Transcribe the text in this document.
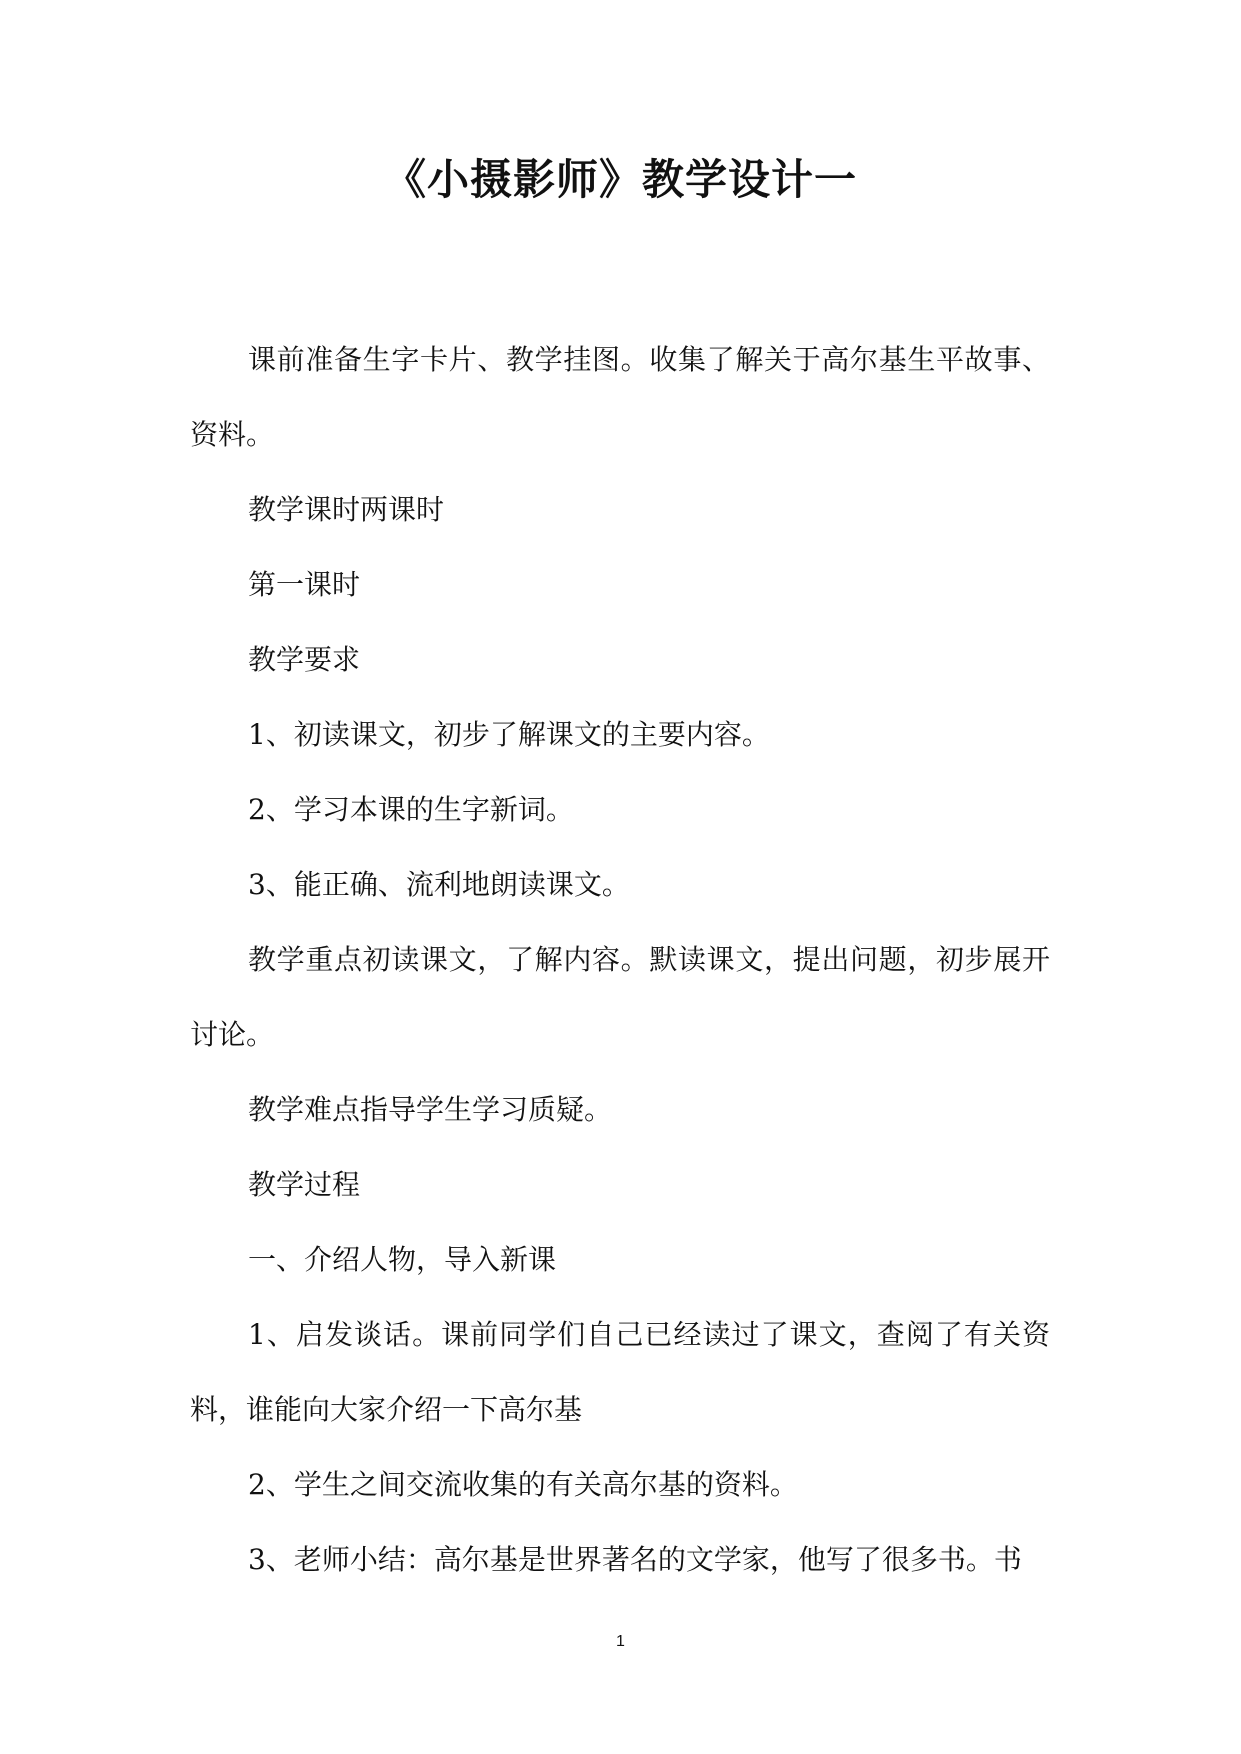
《小摄影师》教学设计一

课前准备生字卡片、教学挂图。收集了解关于高尔基生平故事、资料。

教学课时两课时

第一课时

教学要求

1、初读课文，初步了解课文的主要内容。

2、学习本课的生字新词。

3、能正确、流利地朗读课文。

教学重点初读课文，了解内容。默读课文，提出问题，初步展开讨论。

教学难点指导学生学习质疑。

教学过程

一、介绍人物，导入新课

1、启发谈话。课前同学们自己已经读过了课文，查阅了有关资料，谁能向大家介绍一下高尔基

2、学生之间交流收集的有关高尔基的资料。

3、老师小结：高尔基是世界著名的文学家，他写了很多书。书

1
